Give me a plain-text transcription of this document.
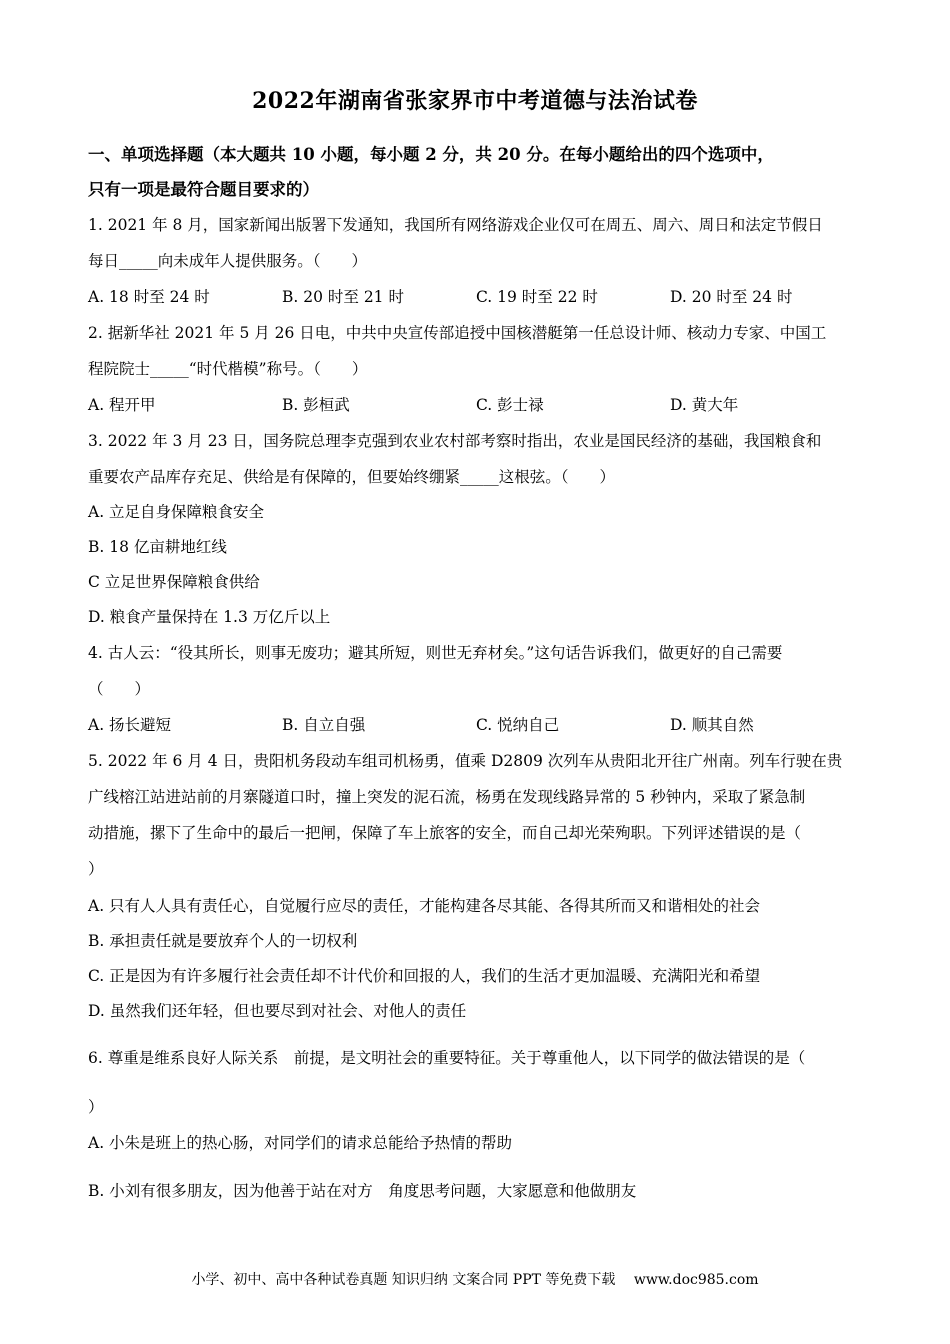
2022年湖南省张家界市中考道德与法治试卷
一、单项选择题（本大题共 10 小题，每小题 2 分，共 20 分。在每小题给出的四个选项中，
只有一项是最符合题目要求的）
1. 2021 年 8 月，国家新闻出版署下发通知，我国所有网络游戏企业仅可在周五、周六、周日和法定节假日
每日_____向未成年人提供服务。（　　）
A. 18 时至 24 时	B. 20 时至 21 时	C. 19 时至 22 时	D. 20 时至 24 时
2. 据新华社 2021 年 5 月 26 日电，中共中央宣传部追授中国核潜艇第一任总设计师、核动力专家、中国工
程院院士_____“时代楷模”称号。（　　）
A. 程开甲	B. 彭桓武	C. 彭士禄	D. 黄大年
3. 2022 年 3 月 23 日，国务院总理李克强到农业农村部考察时指出，农业是国民经济的基础，我国粮食和
重要农产品库存充足、供给是有保障的，但要始终绷紧_____这根弦。（　　）
A. 立足自身保障粮食安全
B. 18 亿亩耕地红线
C 立足世界保障粮食供给
D. 粮食产量保持在 1.3 万亿斤以上
4. 古人云：“役其所长，则事无废功；避其所短，则世无弃材矣。”这句话告诉我们，做更好的自己需要
（　　）
A. 扬长避短	B. 自立自强	C. 悦纳自己	D. 顺其自然
5. 2022 年 6 月 4 日，贵阳机务段动车组司机杨勇，值乘 D2809 次列车从贵阳北开往广州南。列车行驶在贵
广线榕江站进站前的月寨隧道口时，撞上突发的泥石流，杨勇在发现线路异常的 5 秒钟内，采取了紧急制
动措施，摞下了生命中的最后一把闸，保障了车上旅客的安全，而自己却光荣殉职。下列评述错误的是（
）
A. 只有人人具有责任心，自觉履行应尽的责任，才能构建各尽其能、各得其所而又和谐相处的社会
B. 承担责任就是要放弃个人的一切权利
C. 正是因为有许多履行社会责任却不计代价和回报的人，我们的生活才更加温暖、充满阳光和希望
D. 虽然我们还年轻，但也要尽到对社会、对他人的责任
6. 尊重是维系良好人际关系　前提，是文明社会的重要特征。关于尊重他人，以下同学的做法错误的是（
）
A. 小朱是班上的热心肠，对同学们的请求总能给予热情的帮助
B. 小刘有很多朋友，因为他善于站在对方　角度思考问题，大家愿意和他做朋友
小学、初中、高中各种试卷真题 知识归纳 文案合同 PPT 等免费下载　 www.doc985.com
